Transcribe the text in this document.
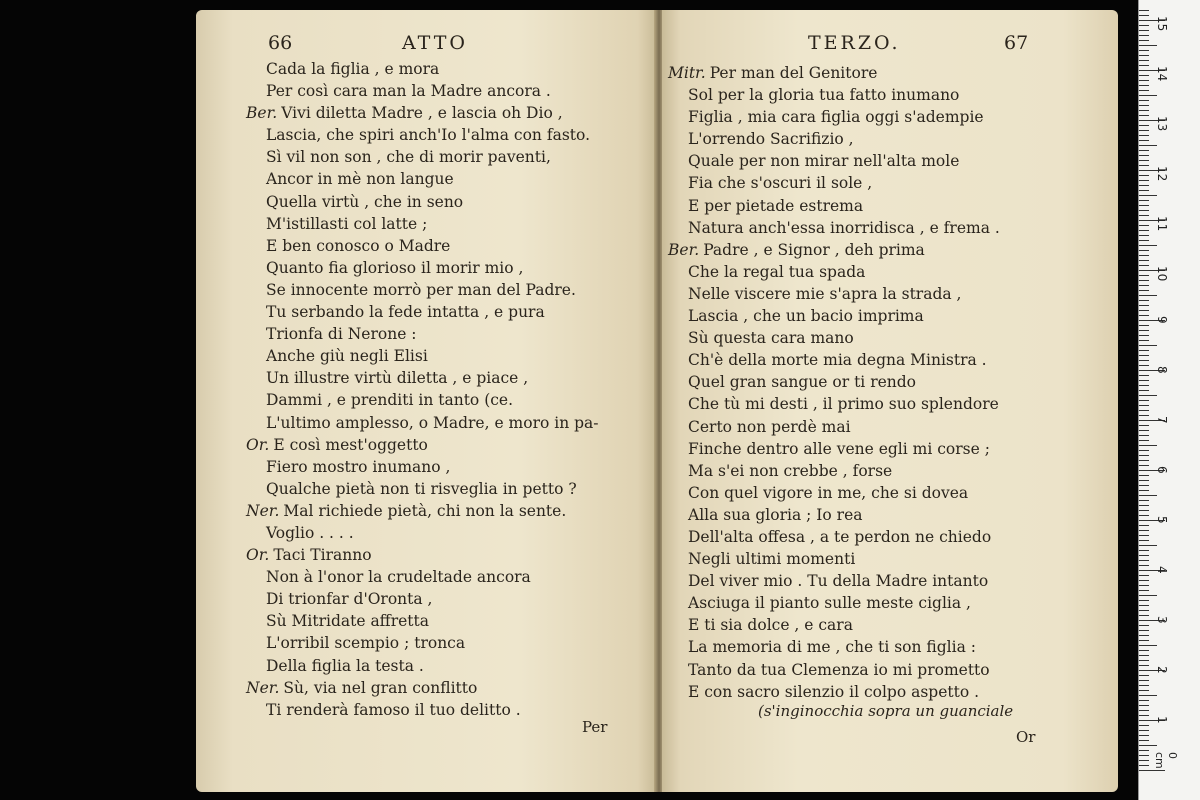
66	ATTO
Cada la figlia , e mora
Per così cara man la Madre ancora .
Ber. Vivi diletta Madre , e lascia oh Dio ,
Lascia, che spiri anch'Io l'alma con fasto.
Sì vil non son , che di morir paventi,
Ancor in mè non langue
Quella virtù , che in seno
M'istillasti col latte ;
E ben conosco o Madre
Quanto fia glorioso il morir mio ,
Se innocente morrò per man del Padre.
Tu serbando la fede intatta , e pura
Trionfa di Nerone :
Anche giù negli Elisi
Un illustre virtù diletta , e piace ,
Dammi , e prenditi in tanto (ce.
L'ultimo amplesso, o Madre, e moro in pa-
Or. E così mest'oggetto
Fiero mostro inumano ,
Qualche pietà non ti risveglia in petto ?
Ner. Mal richiede pietà, chi non la sente.
Voglio . . . .
Or. Taci Tiranno
Non à l'onor la crudeltade ancora
Di trionfar d'Oronta ,
Sù Mitridate affretta
L'orribil scempio ; tronca
Della figlia la testa .
Ner. Sù, via nel gran conflitto
Ti renderà famoso il tuo delitto .
Per
TERZO.	67
Mitr. Per man del Genitore
Sol per la gloria tua fatto inumano
Figlia , mia cara figlia oggi s'adempie
L'orrendo Sacrifizio ,
Quale per non mirar nell'alta mole
Fia che s'oscuri il sole ,
E per pietade estrema
Natura anch'essa inorridisca , e frema .
Ber. Padre , e Signor , deh prima
Che la regal tua spada
Nelle viscere mie s'apra la strada ,
Lascia , che un bacio imprima
Sù questa cara mano
Ch'è della morte mia degna Ministra .
Quel gran sangue or ti rendo
Che tù mi desti , il primo suo splendore
Certo non perdè mai
Finche dentro alle vene egli mi corse ;
Ma s'ei non crebbe , forse
Con quel vigore in me, che si dovea
Alla sua gloria ; Io rea
Dell'alta offesa , a te perdon ne chiedo
Negli ultimi momenti
Del viver mio . Tu della Madre intanto
Asciuga il pianto sulle meste ciglia ,
E ti sia dolce , e cara
La memoria di me , che ti son figlia :
Tanto da tua Clemenza io mi prometto
E con sacro silenzio il colpo aspetto .
(s'inginocchia sopra un guanciale
Or
0 cm
1
2
3
4
5
6
7
8
9
10
11
12
13
14
15
